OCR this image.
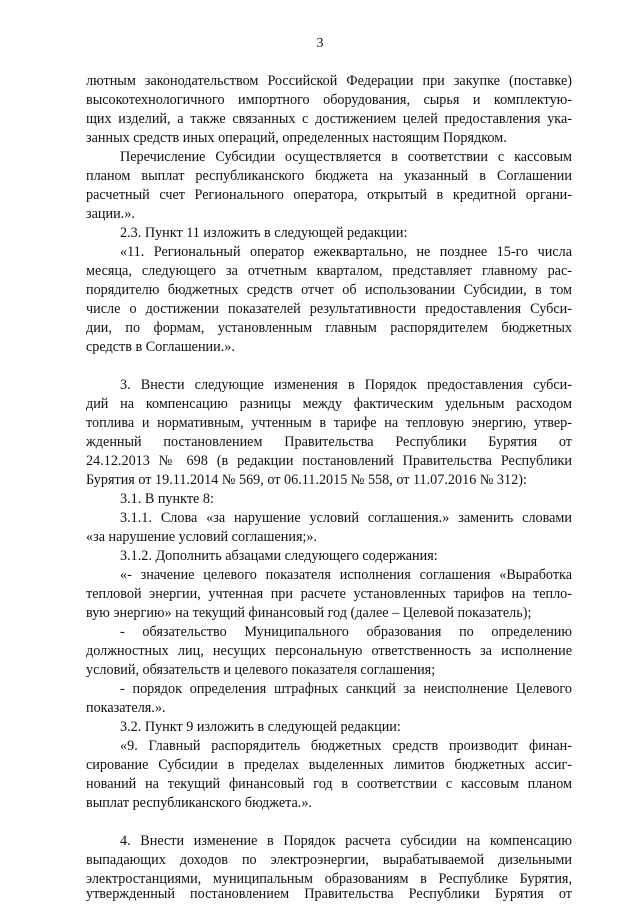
3
лютным законодательством Российской Федерации при закупке (поставке)
высокотехнологичного импортного оборудования, сырья и комплектую-
щих изделий, а также связанных с достижением целей предоставления ука-
занных средств иных операций, определенных настоящим Порядком.
Перечисление Субсидии осуществляется в соответствии с кассовым
планом выплат республиканского бюджета на указанный в Соглашении
расчетный счет Регионального оператора, открытый в кредитной органи-
зации.».
2.3. Пункт 11 изложить в следующей редакции:
«11. Региональный оператор ежеквартально, не позднее 15-го числа
месяца, следующего за отчетным кварталом, представляет главному рас-
порядителю бюджетных средств отчет об использовании Субсидии, в том
числе о достижении показателей результативности предоставления Субси-
дии, по формам, установленным главным распорядителем бюджетных
средств в Соглашении.».
3. Внести следующие изменения в Порядок предоставления субси-
дий на компенсацию разницы между фактическим удельным расходом
топлива и нормативным, учтенным в тарифе на тепловую энергию, утвер-
жденный постановлением Правительства Республики Бурятия от
24.12.2013 № 698 (в редакции постановлений Правительства Республики
Бурятия от 19.11.2014 № 569, от 06.11.2015 № 558, от 11.07.2016 № 312):
3.1. В пункте 8:
3.1.1. Слова «за нарушение условий соглашения.» заменить словами
«за нарушение условий соглашения;».
3.1.2. Дополнить абзацами следующего содержания:
«- значение целевого показателя исполнения соглашения «Выработка
тепловой энергии, учтенная при расчете установленных тарифов на тепло-
вую энергию» на текущий финансовый год (далее – Целевой показатель);
- обязательство Муниципального образования по определению
должностных лиц, несущих персональную ответственность за исполнение
условий, обязательств и целевого показателя соглашения;
- порядок определения штрафных санкций за неисполнение Целевого
показателя.».
3.2. Пункт 9 изложить в следующей редакции:
«9. Главный распорядитель бюджетных средств производит финан-
сирование Субсидии в пределах выделенных лимитов бюджетных ассиг-
нований на текущий финансовый год в соответствии с кассовым планом
выплат республиканского бюджета.».
4. Внести изменение в Порядок расчета субсидии на компенсацию
выпадающих доходов по электроэнергии, вырабатываемой дизельными
электростанциями, муниципальным образованиям в Республике Бурятия,
утвержденный постановлением Правительства Республики Бурятия от
